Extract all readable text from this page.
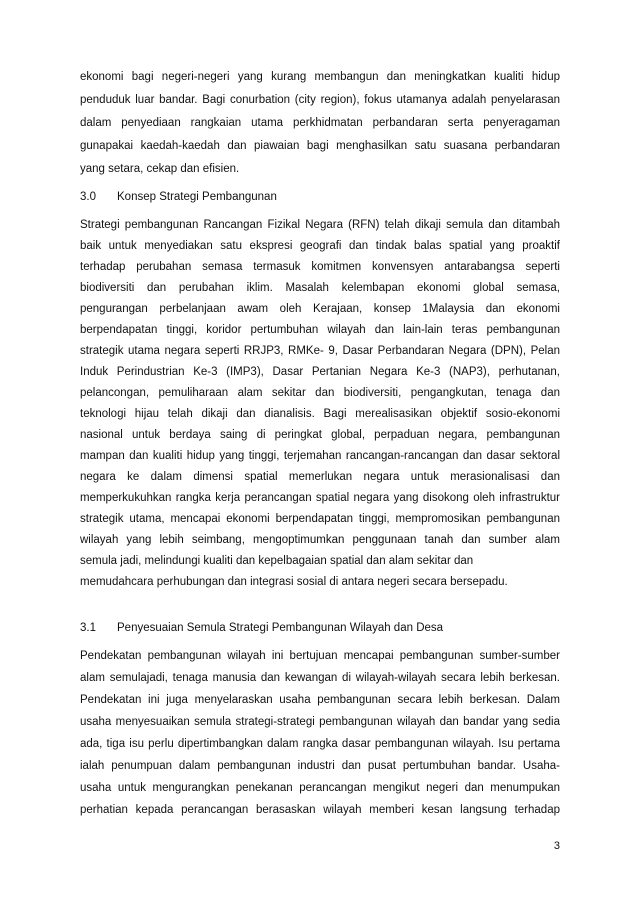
ekonomi bagi negeri-negeri yang kurang membangun dan meningkatkan kualiti hidup
penduduk luar bandar. Bagi conurbation (city region), fokus utamanya adalah penyelarasan
dalam penyediaan rangkaian utama perkhidmatan perbandaran serta penyeragaman
gunapakai kaedah-kaedah dan piawaian bagi menghasilkan satu suasana perbandaran
yang setara, cekap dan efisien.
3.0 Konsep Strategi Pembangunan
Strategi pembangunan Rancangan Fizikal Negara (RFN) telah dikaji semula dan ditambah
baik untuk menyediakan satu ekspresi geografi dan tindak balas spatial yang proaktif
terhadap perubahan semasa termasuk komitmen konvensyen antarabangsa seperti
biodiversiti dan perubahan iklim. Masalah kelembapan ekonomi global semasa,
pengurangan perbelanjaan awam oleh Kerajaan, konsep 1Malaysia dan ekonomi
berpendapatan tinggi, koridor pertumbuhan wilayah dan lain-lain teras pembangunan
strategik utama negara seperti RRJP3, RMKe- 9, Dasar Perbandaran Negara (DPN), Pelan
Induk Perindustrian Ke-3 (IMP3), Dasar Pertanian Negara Ke-3 (NAP3), perhutanan,
pelancongan, pemuliharaan alam sekitar dan biodiversiti, pengangkutan, tenaga dan
teknologi hijau telah dikaji dan dianalisis. Bagi merealisasikan objektif sosio-ekonomi
nasional untuk berdaya saing di peringkat global, perpaduan negara, pembangunan
mampan dan kualiti hidup yang tinggi, terjemahan rancangan-rancangan dan dasar sektoral
negara ke dalam dimensi spatial memerlukan negara untuk merasionalisasi dan
memperkukuhkan rangka kerja perancangan spatial negara yang disokong oleh infrastruktur
strategik utama, mencapai ekonomi berpendapatan tinggi, mempromosikan pembangunan
wilayah yang lebih seimbang, mengoptimumkan penggunaan tanah dan sumber alam
semula jadi, melindungi kualiti dan kepelbagaian spatial dan alam sekitar dan
memudahcara perhubungan dan integrasi sosial di antara negeri secara bersepadu.
3.1 Penyesuaian Semula Strategi Pembangunan Wilayah dan Desa
Pendekatan pembangunan wilayah ini bertujuan mencapai pembangunan sumber-sumber
alam semulajadi, tenaga manusia dan kewangan di wilayah-wilayah secara lebih berkesan.
Pendekatan ini juga menyelaraskan usaha pembangunan secara lebih berkesan. Dalam
usaha menyesuaikan semula strategi-strategi pembangunan wilayah dan bandar yang sedia
ada, tiga isu perlu dipertimbangkan dalam rangka dasar pembangunan wilayah. Isu pertama
ialah penumpuan dalam pembangunan industri dan pusat pertumbuhan bandar. Usaha-
usaha untuk mengurangkan penekanan perancangan mengikut negeri dan menumpukan
perhatian kepada perancangan berasaskan wilayah memberi kesan langsung terhadap
3
